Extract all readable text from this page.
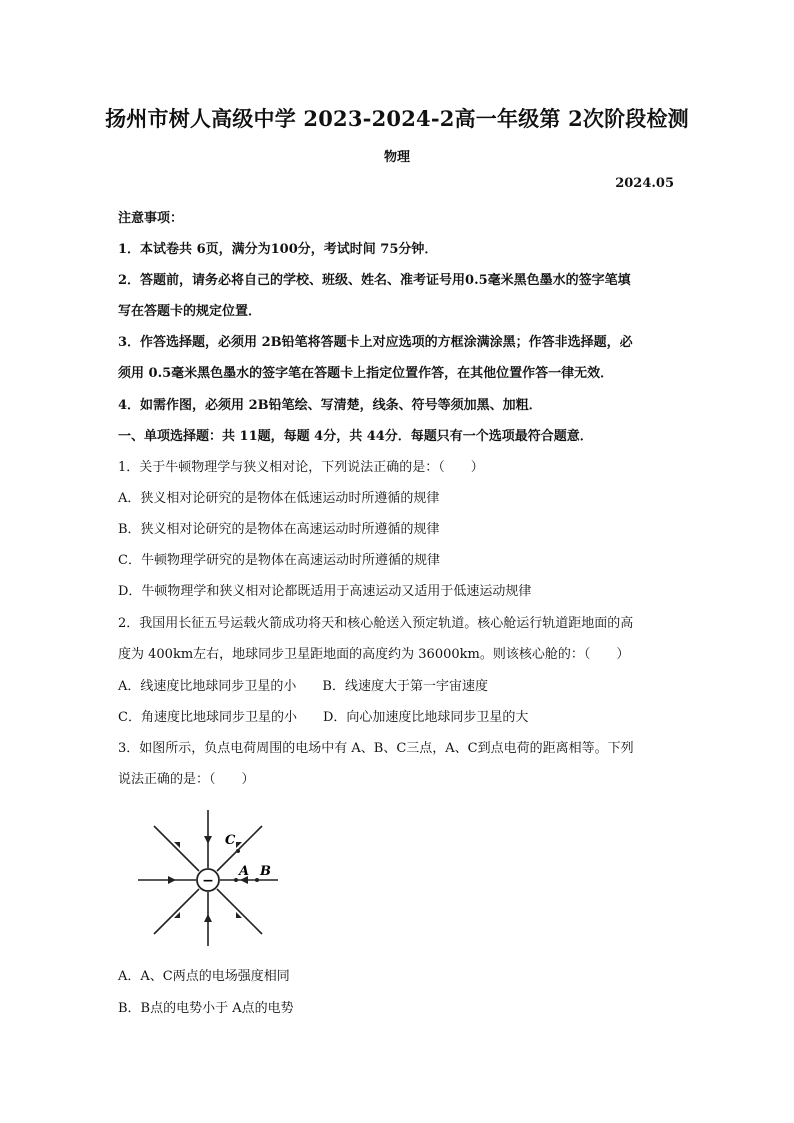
扬州市树人高级中学 2023-2024-2高一年级第 2次阶段检测
物理
2024.05
注意事项：
1．本试卷共 6页，满分为100分，考试时间 75分钟．
2．答题前，请务必将自己的学校、班级、姓名、准考证号用0.5毫米黑色墨水的签字笔填
写在答题卡的规定位置．
3．作答选择题，必须用 2B铅笔将答题卡上对应选项的方框涂满涂黑；作答非选择题，必
须用 0.5毫米黑色墨水的签字笔在答题卡上指定位置作答，在其他位置作答一律无效．
4．如需作图，必须用 2B铅笔绘、写清楚，线条、符号等须加黑、加粗．
一、单项选择题：共 11题，每题 4分，共 44分．每题只有一个选项最符合题意．
1．关于牛顿物理学与狭义相对论，下列说法正确的是：（　　）
A．狭义相对论研究的是物体在低速运动时所遵循的规律
B．狭义相对论研究的是物体在高速运动时所遵循的规律
C．牛顿物理学研究的是物体在高速运动时所遵循的规律
D．牛顿物理学和狭义相对论都既适用于高速运动又适用于低速运动规律
2．我国用长征五号运载火箭成功将天和核心舱送入预定轨道。核心舱运行轨道距地面的高
度为 400km左右，地球同步卫星距地面的高度约为 36000km。则该核心舱的：（　　）
A．线速度比地球同步卫星的小　　B．线速度大于第一宇宙速度
C．角速度比地球同步卫星的小　　D．向心加速度比地球同步卫星的大
3．如图所示，负点电荷周围的电场中有 A、B、C三点，A、C到点电荷的距离相等。下列
说法正确的是：（　　）
−
C
A B
A．A、C两点的电场强度相同
B．B点的电势小于 A点的电势
